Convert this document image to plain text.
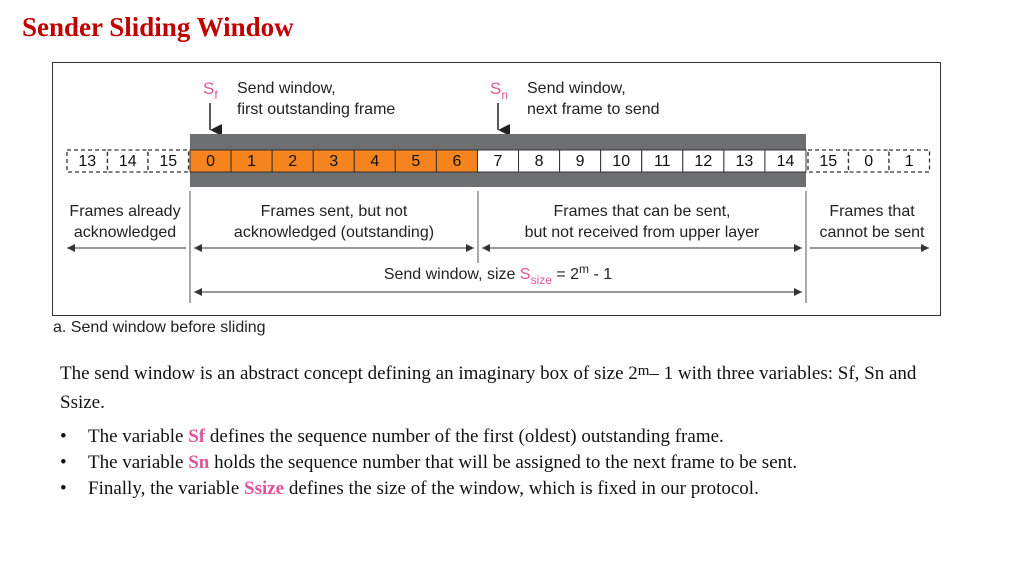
Sender Sliding Window
$S_f$ Send window,
first outstanding frame
$S_n$ Send window,
next frame to send
13 14 15 0 1 2 3 4 5 6 7 8 9 10 11 12 13 14 15 0 1
Frames already
acknowledged
Frames sent, but not
acknowledged (outstanding)
Frames that can be sent,
but not received from upper layer
Frames that
cannot be sent
Send window, size $S_{size} = 2^m - 1$

a. Send window before sliding

The send window is an abstract concept defining an imaginary box of size 2$^m$– 1 with three variables: Sf, Sn and Ssize.

• The variable Sf defines the sequence number of the first (oldest) outstanding frame.
• The variable Sn holds the sequence number that will be assigned to the next frame to be sent.
• Finally, the variable Ssize defines the size of the window, which is fixed in our protocol.
